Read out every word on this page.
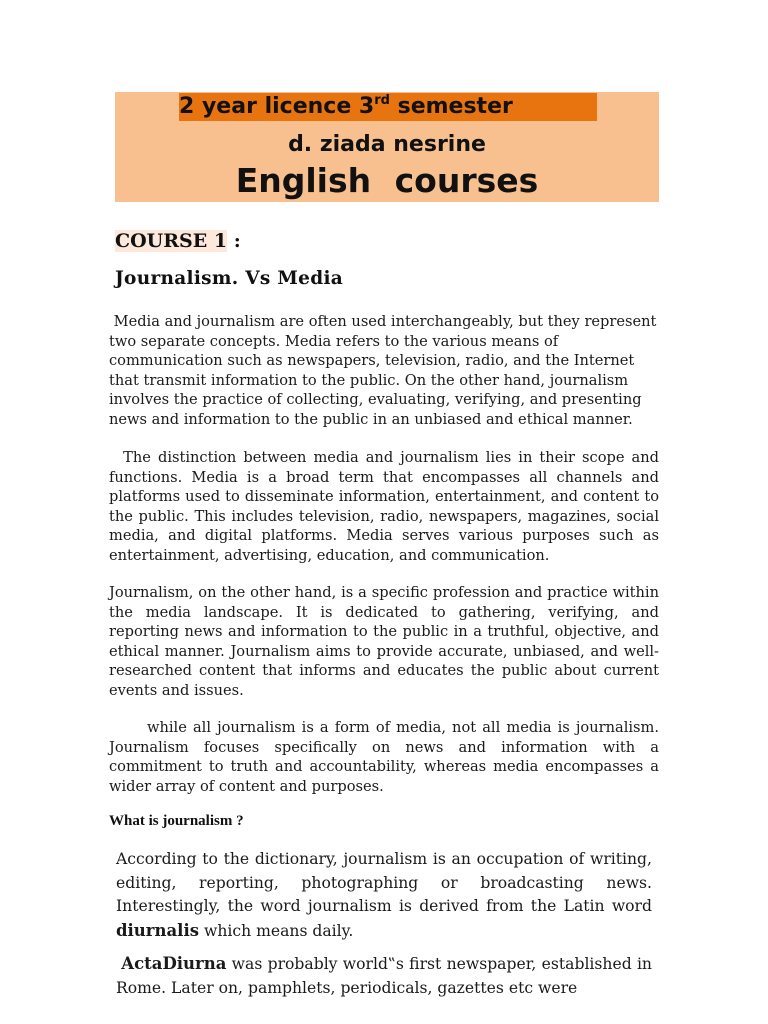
2 year licence 3rd semester
d. ziada nesrine
English courses
COURSE 1 :
Journalism. Vs Media
Media and journalism are often used interchangeably, but they represent two separate concepts. Media refers to the various means of communication such as newspapers, television, radio, and the Internet that transmit information to the public. On the other hand, journalism involves the practice of collecting, evaluating, verifying, and presenting news and information to the public in an unbiased and ethical manner.
The distinction between media and journalism lies in their scope and functions. Media is a broad term that encompasses all channels and platforms used to disseminate information, entertainment, and content to the public. This includes television, radio, newspapers, magazines, social media, and digital platforms. Media serves various purposes such as entertainment, advertising, education, and communication.
Journalism, on the other hand, is a specific profession and practice within the media landscape. It is dedicated to gathering, verifying, and reporting news and information to the public in a truthful, objective, and ethical manner. Journalism aims to provide accurate, unbiased, and well-researched content that informs and educates the public about current events and issues.
while all journalism is a form of media, not all media is journalism. Journalism focuses specifically on news and information with a commitment to truth and accountability, whereas media encompasses a wider array of content and purposes.
What is journalism ?
According to the dictionary, journalism is an occupation of writing, editing, reporting, photographing or broadcasting news. Interestingly, the word journalism is derived from the Latin word diurnalis which means daily.
ActaDiurna was probably world‟s first newspaper, established in Rome. Later on, pamphlets, periodicals, gazettes etc were
